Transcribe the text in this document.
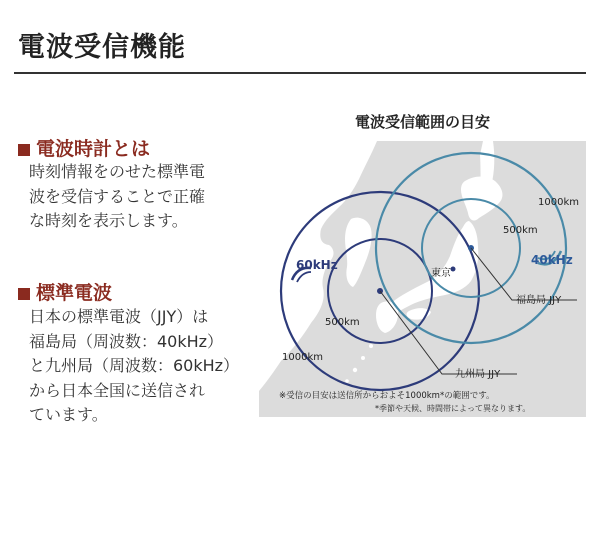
電波受信機能
電波時計とは
時刻情報をのせた標準電
波を受信することで正確
な時刻を表示します。
標準電波
日本の標準電波（JJY）は
福島局（周波数：40kHz）
と九州局（周波数：60kHz）
から日本全国に送信され
ています。
電波受信範囲の目安
60kHz	40kHz
1000km
500km
1000km
500km
東京
福島局 JJY
九州局 JJY
※受信の目安は送信所からおよそ1000km*の範囲です。
*季節や天候、時間帯によって異なります。
